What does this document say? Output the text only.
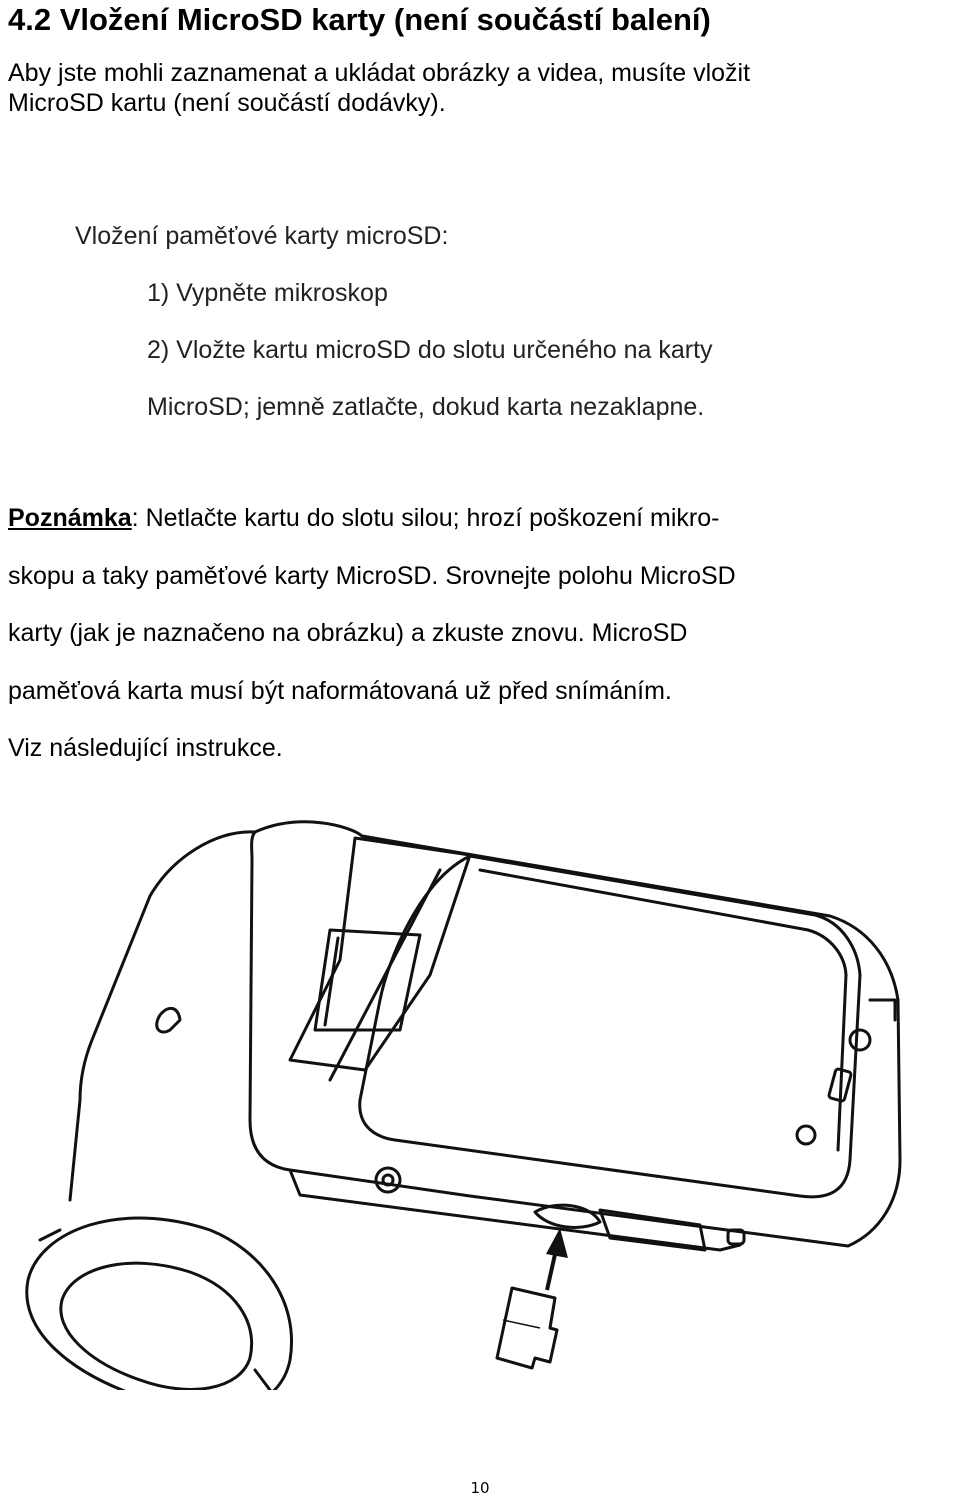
4.2 Vložení MicroSD karty (není součástí balení)
Aby jste mohli zaznamenat a ukládat obrázky a videa, musíte vložit
MicroSD kartu (není součástí dodávky).
Vložení paměťové karty microSD:
1) Vypněte mikroskop
2) Vložte kartu microSD do slotu určeného na karty
MicroSD; jemně zatlačte, dokud karta nezaklapne.
Poznámka: Netlačte kartu do slotu silou; hrozí poškození mikro-
skopu a taky paměťové karty MicroSD. Srovnejte polohu MicroSD
karty (jak je naznačeno na obrázku) a zkuste znovu. MicroSD
paměťová karta musí být naformátovaná už před snímáním.
Viz následující instrukce.
10
